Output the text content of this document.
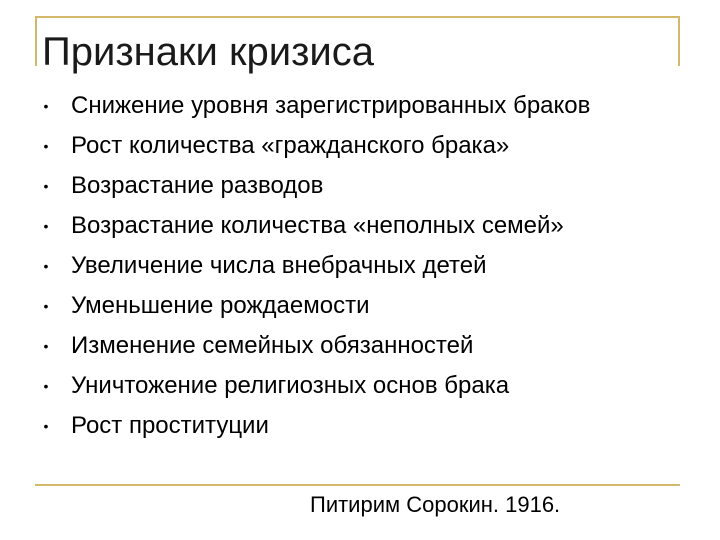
Признаки кризиса
• Снижение уровня зарегистрированных браков
• Рост количества «гражданского брака»
• Возрастание разводов
• Возрастание количества «неполных семей»
• Увеличение числа внебрачных детей
• Уменьшение рождаемости
• Изменение семейных обязанностей
• Уничтожение религиозных основ брака
• Рост проституции
Питирим Сорокин. 1916.
